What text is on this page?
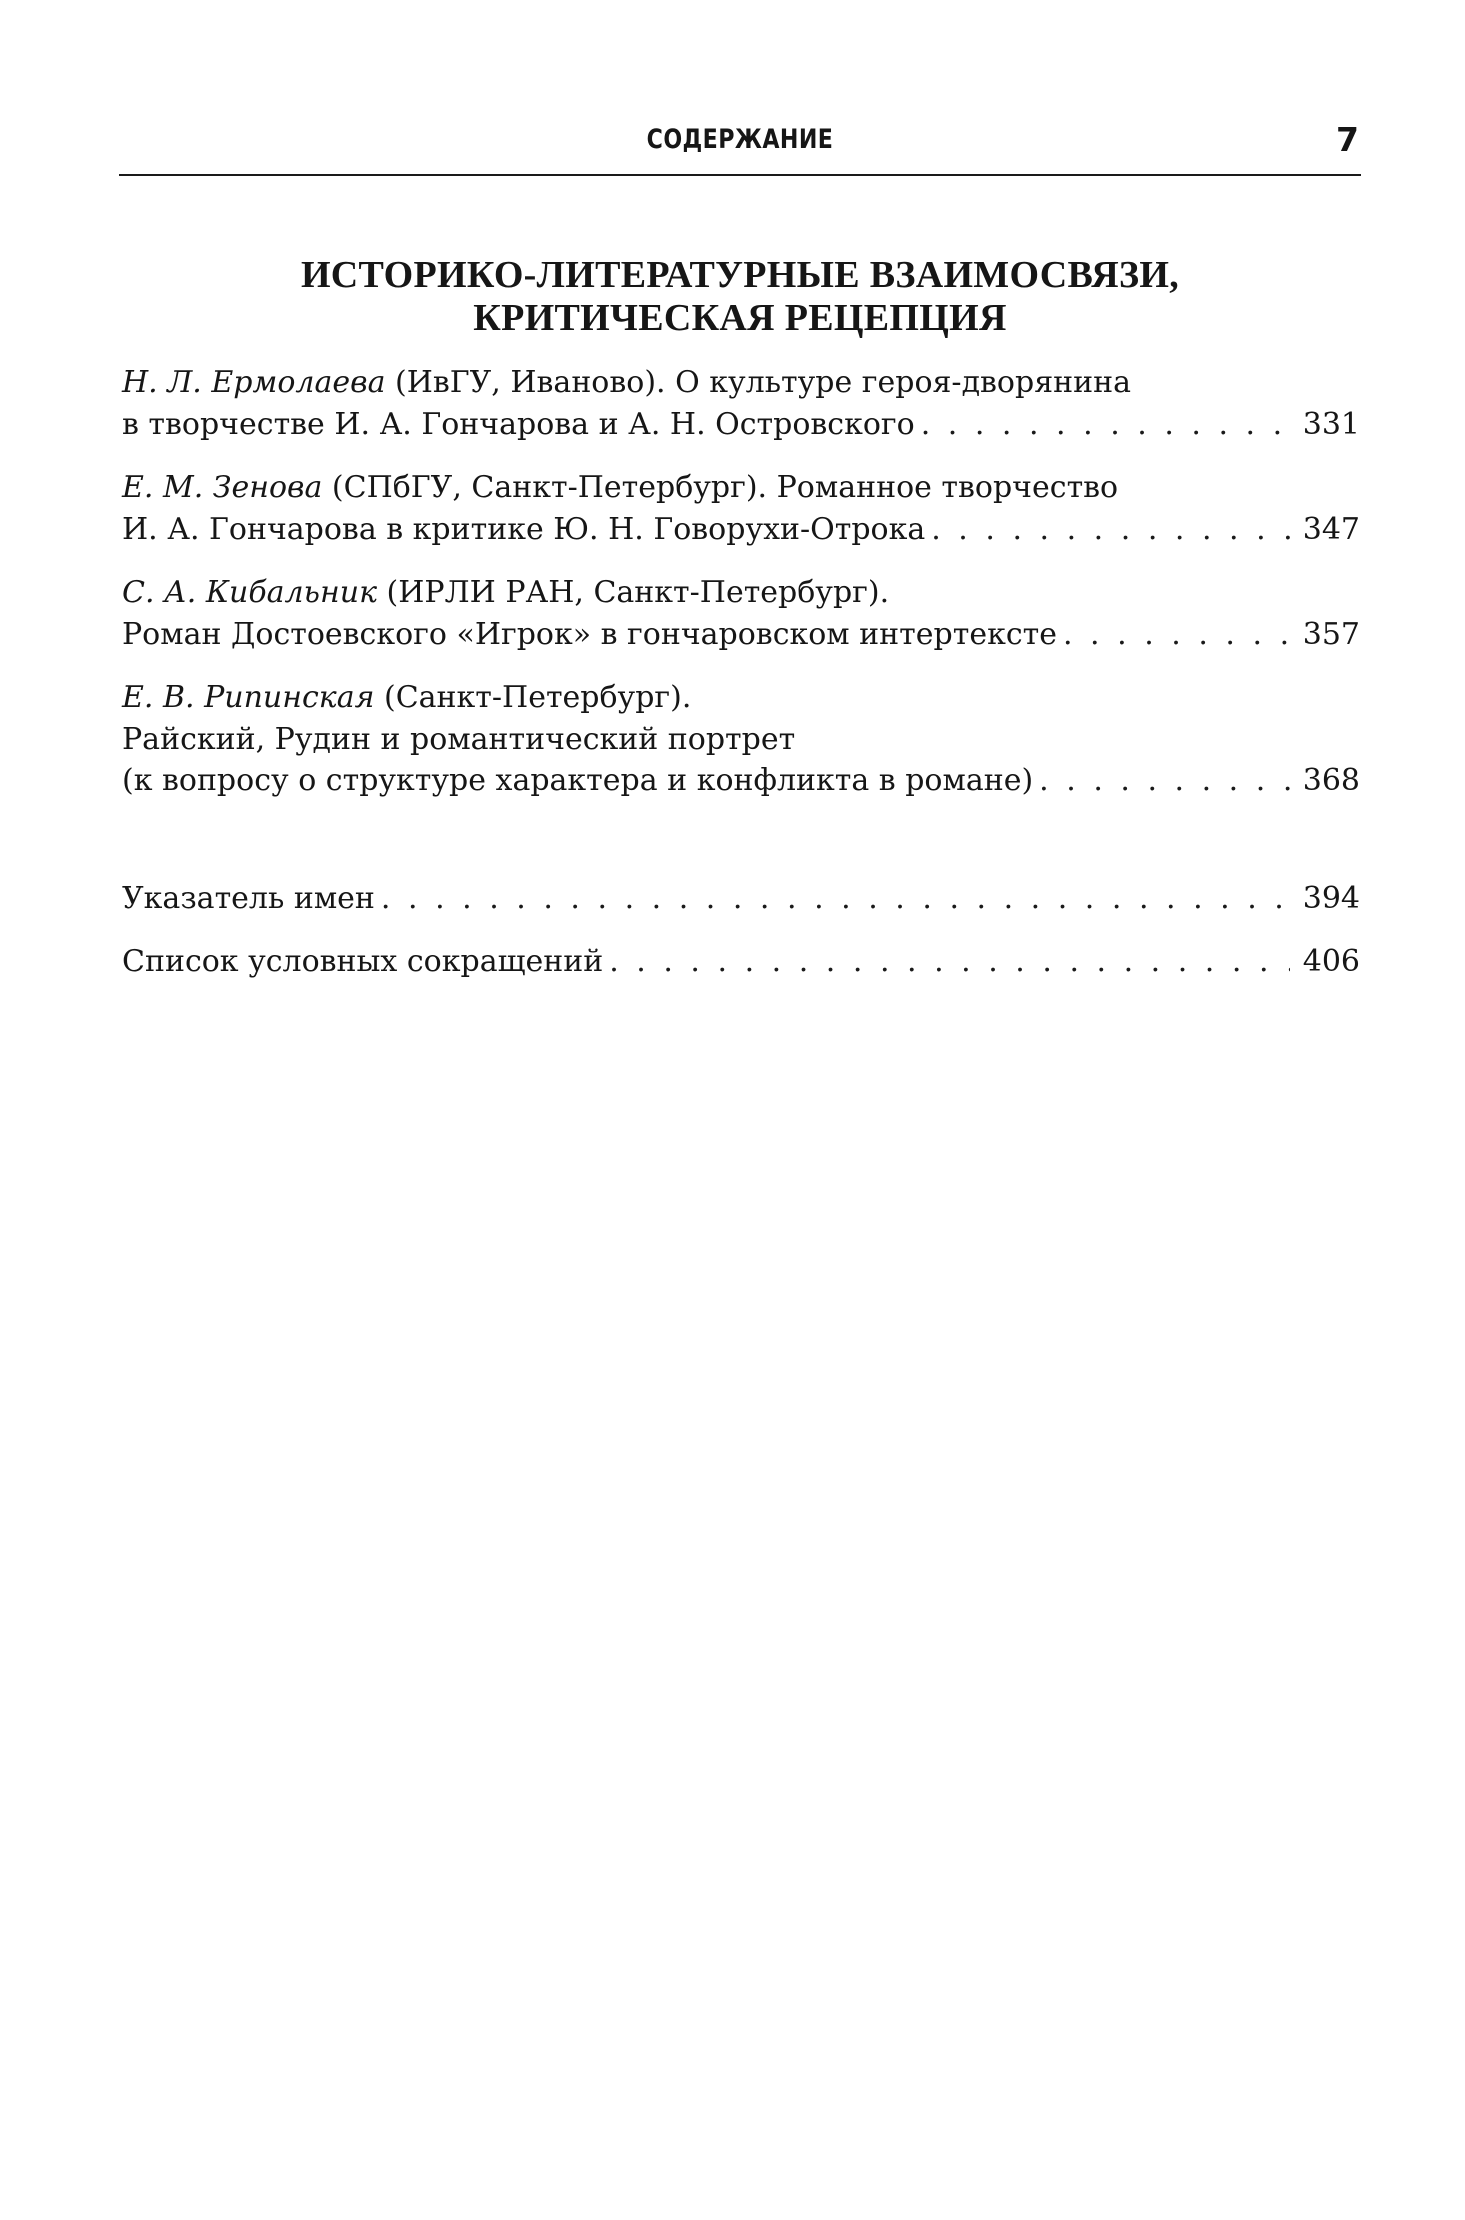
СОДЕРЖАНИЕ	7
ИСТОРИКО-ЛИТЕРАТУРНЫЕ ВЗАИМОСВЯЗИ,
КРИТИЧЕСКАЯ РЕЦЕПЦИЯ
Н. Л. Ермолаева (ИвГУ, Иваново). О культуре героя-дворянина
в творчестве И. А. Гончарова и А. Н. Островского . . .	331
Е. М. Зенова (СПбГУ, Санкт-Петербург). Романное творчество
И. А. Гончарова в критике Ю. Н. Говорухи-Отрока . . .	347
С. А. Кибальник (ИРЛИ РАН, Санкт-Петербург).
Роман Достоевского «Игрок» в гончаровском интертексте . . .	357
Е. В. Рипинская (Санкт-Петербург).
Райский, Рудин и романтический портрет
(к вопросу о структуре характера и конфликта в романе) . . .	368
Указатель имен . . .	394
Список условных сокращений . . .	406
